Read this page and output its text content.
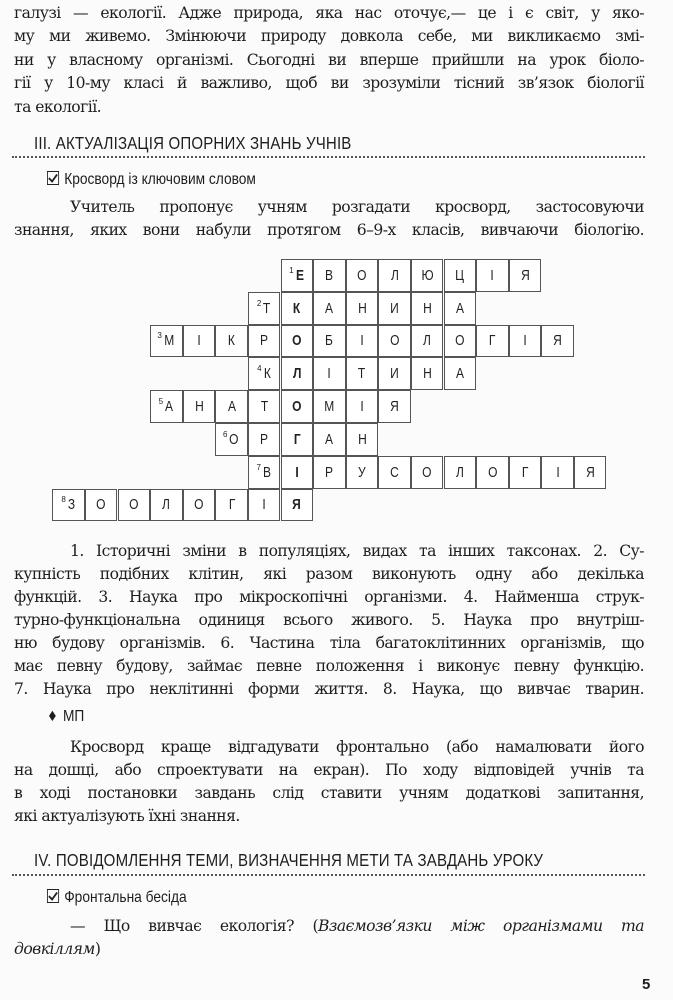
галузі — екології. Адже природа, яка нас оточує,— це і є світ, у яко-
му ми живемо. Змінюючи природу довкола себе, ми викликаємо змі-
ни у власному організмі. Сьогодні ви вперше прийшли на урок біоло-
гії у 10-му класі й важливо, щоб ви зрозуміли тісний зв’язок біології
та екології.
III. АКТУАЛІЗАЦІЯ ОПОРНИХ ЗНАНЬ УЧНІВ
Кросворд із ключовим словом
Учитель пропонує учням розгадати кросворд, застосовуючи
знання, яких вони набули протягом 6–9-х класів, вивчаючи біологію.
$^1$ Е В О Л Ю Ц І Я
$^2$ Т К А Н И Н А
$^3$ М І К Р О Б І О Л О Г І Я
$^4$ К Л І Т И Н А
$^5$ А Н А Т О М І Я
$^6$ О Р Г А Н
$^7$ В І Р У С О Л О Г І Я
$^8$ З О О Л О Г І Я
1. Історичні зміни в популяціях, видах та інших таксонах. 2. Су-
купність подібних клітин, які разом виконують одну або декілька
функцій. 3. Наука про мікроскопічні організми. 4. Найменша струк-
турно-функціональна одиниця всього живого. 5. Наука про внутріш-
ню будову організмів. 6. Частина тіла багатоклітинних організмів, що
має певну будову, займає певне положення і виконує певну функцію.
7. Наука про неклітинні форми життя. 8. Наука, що вивчає тварин.
♦ МП
Кросворд краще відгадувати фронтально (або намалювати його
на дошці, або спроектувати на екран). По ходу відповідей учнів та
в ході постановки завдань слід ставити учням додаткові запитання,
які актуалізують їхні знання.
IV. ПОВІДОМЛЕННЯ ТЕМИ, ВИЗНАЧЕННЯ МЕТИ ТА ЗАВДАНЬ УРОКУ
Фронтальна бесіда
— Що вивчає екологія? (Взаємозв’язки між організмами та
довкіллям)
5
